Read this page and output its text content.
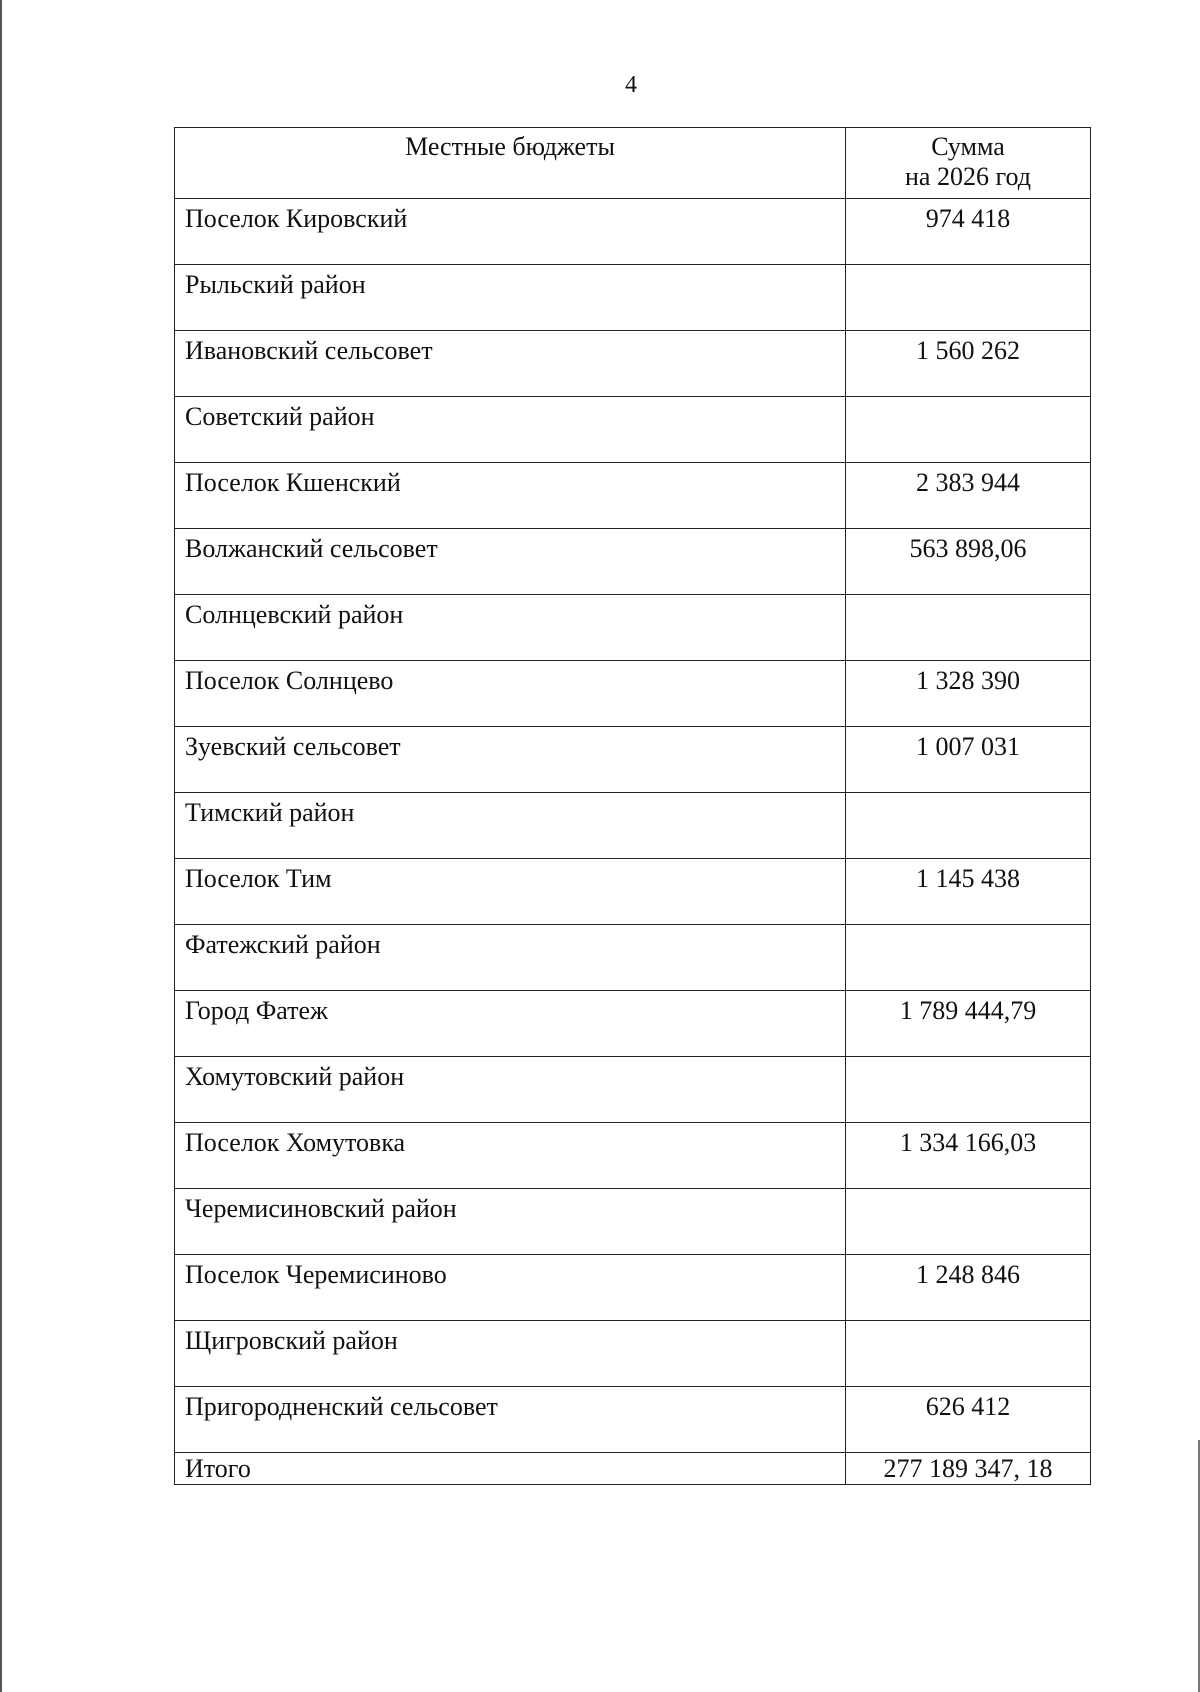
4
Местные бюджеты	Сумма
на 2026 год

Поселок Кировский	974 418
Рыльский район	
Ивановский сельсовет	1 560 262
Советский район	
Поселок Кшенский	2 383 944
Волжанский сельсовет	563 898,06
Солнцевский район	
Поселок Солнцево	1 328 390
Зуевский сельсовет	1 007 031
Тимский район	
Поселок Тим	1 145 438
Фатежский район	
Город Фатеж	1 789 444,79
Хомутовский район	
Поселок Хомутовка	1 334 166,03
Черемисиновский район	
Поселок Черемисиново	1 248 846
Щигровский район	
Пригородненский сельсовет	626 412
Итого	277 189 347, 18
